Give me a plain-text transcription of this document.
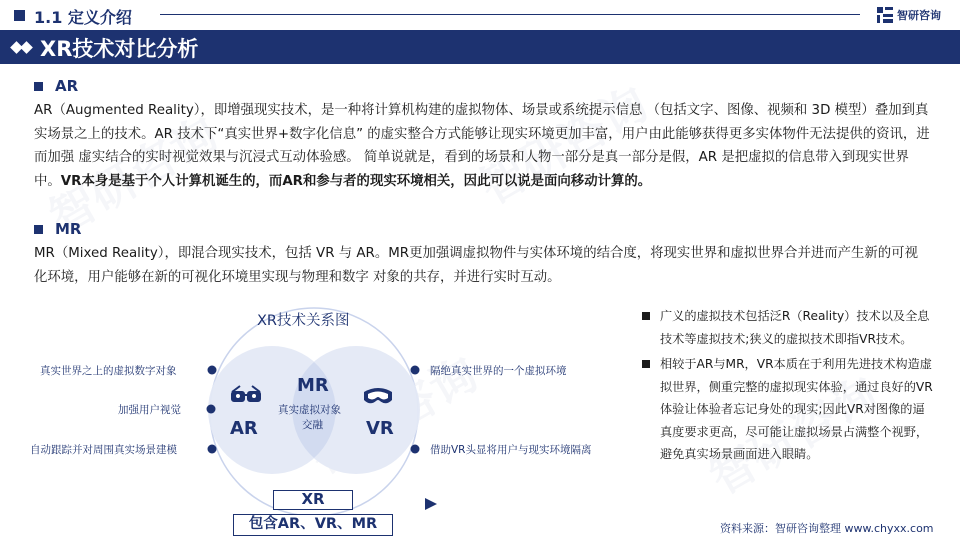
1.1 定义介绍	智研咨询
XR技术对比分析
AR
AR（Augmented Reality），即增强现实技术，是一种将计算机构建的虚拟物体、场景或系统提示信息 （包括文字、图像、视频和 3D 模型）叠加到真实场景之上的技术。AR 技术下“真实世界+数字化信息” 的虚实整合方式能够让现实环境更加丰富，用户由此能够获得更多实体物件无法提供的资讯，进而加强 虚实结合的实时视觉效果与沉浸式互动体验感。 简单说就是，看到的场景和人物一部分是真一部分是假，AR 是把虚拟的信息带入到现实世界中。VR本身是基于个人计算机诞生的，而AR和参与者的现实环境相关，因此可以说是面向移动计算的。
MR
MR（Mixed Reality），即混合现实技术，包括 VR 与 AR。MR更加强调虚拟物件与实体环境的结合度，将现实世界和虚拟世界合并进而产生新的可视化环境，用户能够在新的可视化环境里实现与物理和数字 对象的共存，并进行实时互动。
XR技术关系图
真实世界之上的虚拟数字对象
加强用户视觉
自动跟踪并对周围真实场景建模
隔绝真实世界的一个虚拟环境
借助VR头显将用户与现实环境隔离
AR	VR
MR
真实虚拟对象
交融
XR
包含AR、VR、MR
广义的虚拟技术包括泛R（Reality）技术以及全息技术等虚拟技术;狭义的虚拟技术即指VR技术。
相较于AR与MR，VR本质在于利用先进技术构造虚拟世界，侧重完整的虚拟现实体验，通过良好的VR体验让体验者忘记身处的现实;因此VR对图像的逼真度要求更高，尽可能让虚拟场景占满整个视野，避免真实场景画面进入眼睛。
资料来源：智研咨询整理 www.chyxx.com
